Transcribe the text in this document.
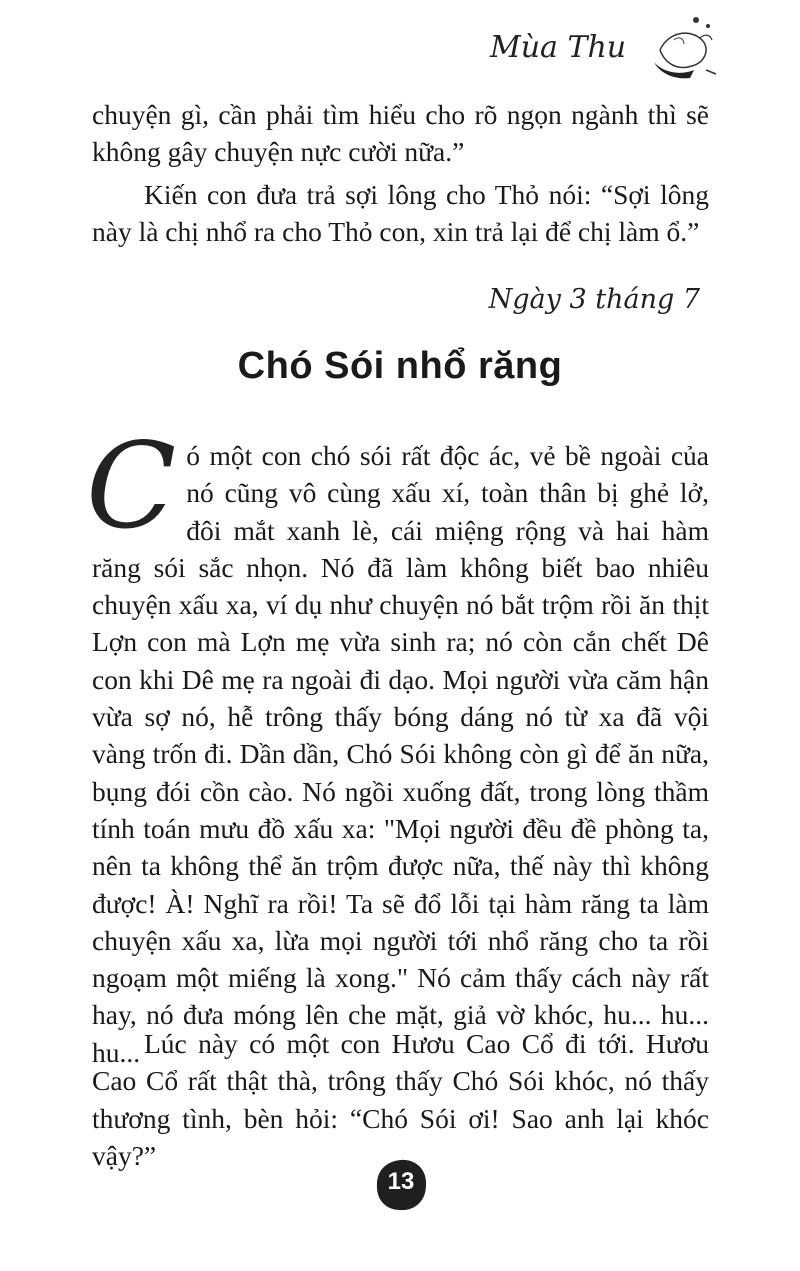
Mùa Thu

chuyện gì, cần phải tìm hiểu cho rõ ngọn ngành thì sẽ không gây chuyện nực cười nữa.”

Kiến con đưa trả sợi lông cho Thỏ nói: “Sợi lông này là chị nhổ ra cho Thỏ con, xin trả lại để chị làm ổ.”

Ngày 3 tháng 7
Chó Sói nhổ răng

Có một con chó sói rất độc ác, vẻ bề ngoài của nó cũng vô cùng xấu xí, toàn thân bị ghẻ lở, đôi mắt xanh lè, cái miệng rộng và hai hàm răng sói sắc nhọn. Nó đã làm không biết bao nhiêu chuyện xấu xa, ví dụ như chuyện nó bắt trộm rồi ăn thịt Lợn con mà Lợn mẹ vừa sinh ra; nó còn cắn chết Dê con khi Dê mẹ ra ngoài đi dạo. Mọi người vừa căm hận vừa sợ nó, hễ trông thấy bóng dáng nó từ xa đã vội vàng trốn đi. Dần dần, Chó Sói không còn gì để ăn nữa, bụng đói cồn cào. Nó ngồi xuống đất, trong lòng thầm tính toán mưu đồ xấu xa: "Mọi người đều đề phòng ta, nên ta không thể ăn trộm được nữa, thế này thì không được! À! Nghĩ ra rồi! Ta sẽ đổ lỗi tại hàm răng ta làm chuyện xấu xa, lừa mọi người tới nhổ răng cho ta rồi ngoạm một miếng là xong." Nó cảm thấy cách này rất hay, nó đưa móng lên che mặt, giả vờ khóc, hu... hu... hu... Lúc này có một con Hươu Cao Cổ đi tới. Hươu Cao Cổ rất thật thà, trông thấy Chó Sói khóc, nó thấy thương tình, bèn hỏi: “Chó Sói ơi! Sao anh lại khóc vậy?”

13
